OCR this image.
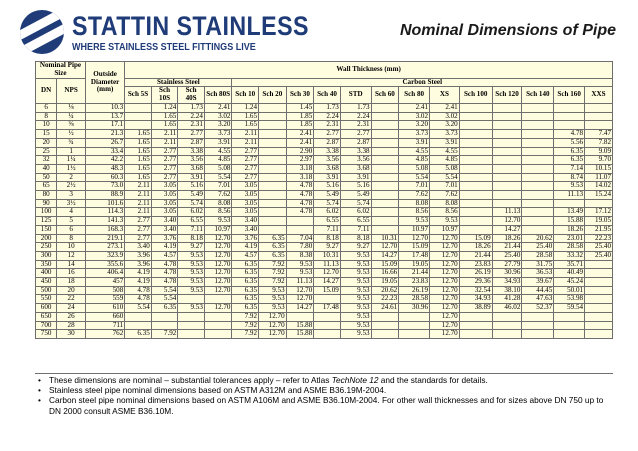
STATTIN STAINLESS
WHERE STAINLESS STEEL FITTINGS LIVE
Nominal Dimensions of Pipe
Nominal Pipe Size		Outside Diameter (mm)	Wall Thickness (mm)																
DN	NPS		Stainless Steel				Carbon Steel												
			Sch 5S	Sch 10S	Sch 40S	Sch 80S	Sch 10	Sch 20	Sch 30	Sch 40	STD	Sch 60	Sch 80	XS	Sch 100	Sch 120	Sch 140	Sch 160	XXS
6	⅛	10.3		1.24	1.73	2.41	1.24		1.45	1.73	1.73		2.41	2.41					
8	¼	13.7		1.65	2.24	3.02	1.65		1.85	2.24	2.24		3.02	3.02					
10	⅜	17.1		1.65	2.31	3.20	1.65		1.85	2.31	2.31		3.20	3.20					
15	½	21.3	1.65	2.11	2.77	3.73	2.11		2.41	2.77	2.77		3.73	3.73				4.78	7.47
20	¾	26.7	1.65	2.11	2.87	3.91	2.11		2.41	2.87	2.87		3.91	3.91				5.56	7.82
25	1	33.4	1.65	2.77	3.38	4.55	2.77		2.90	3.38	3.38		4.55	4.55				6.35	9.09
32	1¼	42.2	1.65	2.77	3.56	4.85	2.77		2.97	3.56	3.56		4.85	4.85				6.35	9.70
40	1½	48.3	1.65	2.77	3.68	5.08	2.77		3.18	3.68	3.68		5.08	5.08				7.14	10.15
50	2	60.3	1.65	2.77	3.91	5.54	2.77		3.18	3.91	3.91		5.54	5.54				8.74	11.07
65	2½	73.0	2.11	3.05	5.16	7.01	3.05		4.78	5.16	5.16		7.01	7.01				9.53	14.02
80	3	88.9	2.11	3.05	5.49	7.62	3.05		4.78	5.49	5.49		7.62	7.62				11.13	15.24
90	3½	101.6	2.11	3.05	5.74	8.08	3.05		4.78	5.74	5.74		8.08	8.08					
100	4	114.3	2.11	3.05	6.02	8.56	3.05		4.78	6.02	6.02		8.56	8.56		11.13		13.49	17.12
125	5	141.3	2.77	3.40	6.55	9.53	3.40			6.55	6.55		9.53	9.53		12.70		15.88	19.05
150	6	168.3	2.77	3.40	7.11	10.97	3.40			7.11	7.11		10.97	10.97		14.27		18.26	21.95
200	8	219.1	2.77	3.76	8.18	12.70	3.76	6.35	7.04	8.18	8.18	10.31	12.70	12.70	15.09	18.26	20.62	23.01	22.23
250	10	273.1	3.40	4.19	9.27	12.70	4.19	6.35	7.80	9.27	9.27	12.70	15.09	12.70	18.26	21.44	25.40	28.58	25.40
300	12	323.9	3.96	4.57	9.53	12.70	4.57	6.35	8.38	10.31	9.53	14.27	17.48	12.70	21.44	25.40	28.58	33.32	25.40
350	14	355.6	3.96	4.78	9.53	12.70	6.35	7.92	9.53	11.13	9.53	15.09	19.05	12.70	23.83	27.79	31.75	35.71	
400	16	406.4	4.19	4.78	9.53	12.70	6.35	7.92	9.53	12.70	9.53	16.66	21.44	12.70	26.19	30.96	36.53	40.49	
450	18	457	4.19	4.78	9.53	12.70	6.35	7.92	11.13	14.27	9.53	19.05	23.83	12.70	29.36	34.93	39.67	45.24	
500	20	508	4.78	5.54	9.53	12.70	6.35	9.53	12.70	15.09	9.53	20.62	26.19	12.70	32.54	38.10	44.45	50.01	
550	22	559	4.78	5.54			6.35	9.53	12.70		9.53	22.23	28.58	12.70	34.93	41.28	47.63	53.98	
600	24	610	5.54	6.35	9.53	12.70	6.35	9.53	14.27	17.48	9.53	24.61	30.96	12.70	38.89	46.02	52.37	59.54	
650	26	660					7.92	12.70			9.53			12.70					
700	28	711					7.92	12.70	15.88		9.53			12.70					
750	30	762	6.35	7.92			7.92	12.70	15.88		9.53			12.70					
• These dimensions are nominal – substantial tolerances apply – refer to Atlas TechNote 12 and the standards for details.
• Stainless steel pipe nominal dimensions based on ASTM A312M and ASME B36.19M-2004.
• Carbon steel pipe nominal dimensions based on ASTM A106M and ASME B36.10M-2004. For other wall thicknesses and for sizes above DN 750 up to DN 2000 consult ASME B36.10M.
